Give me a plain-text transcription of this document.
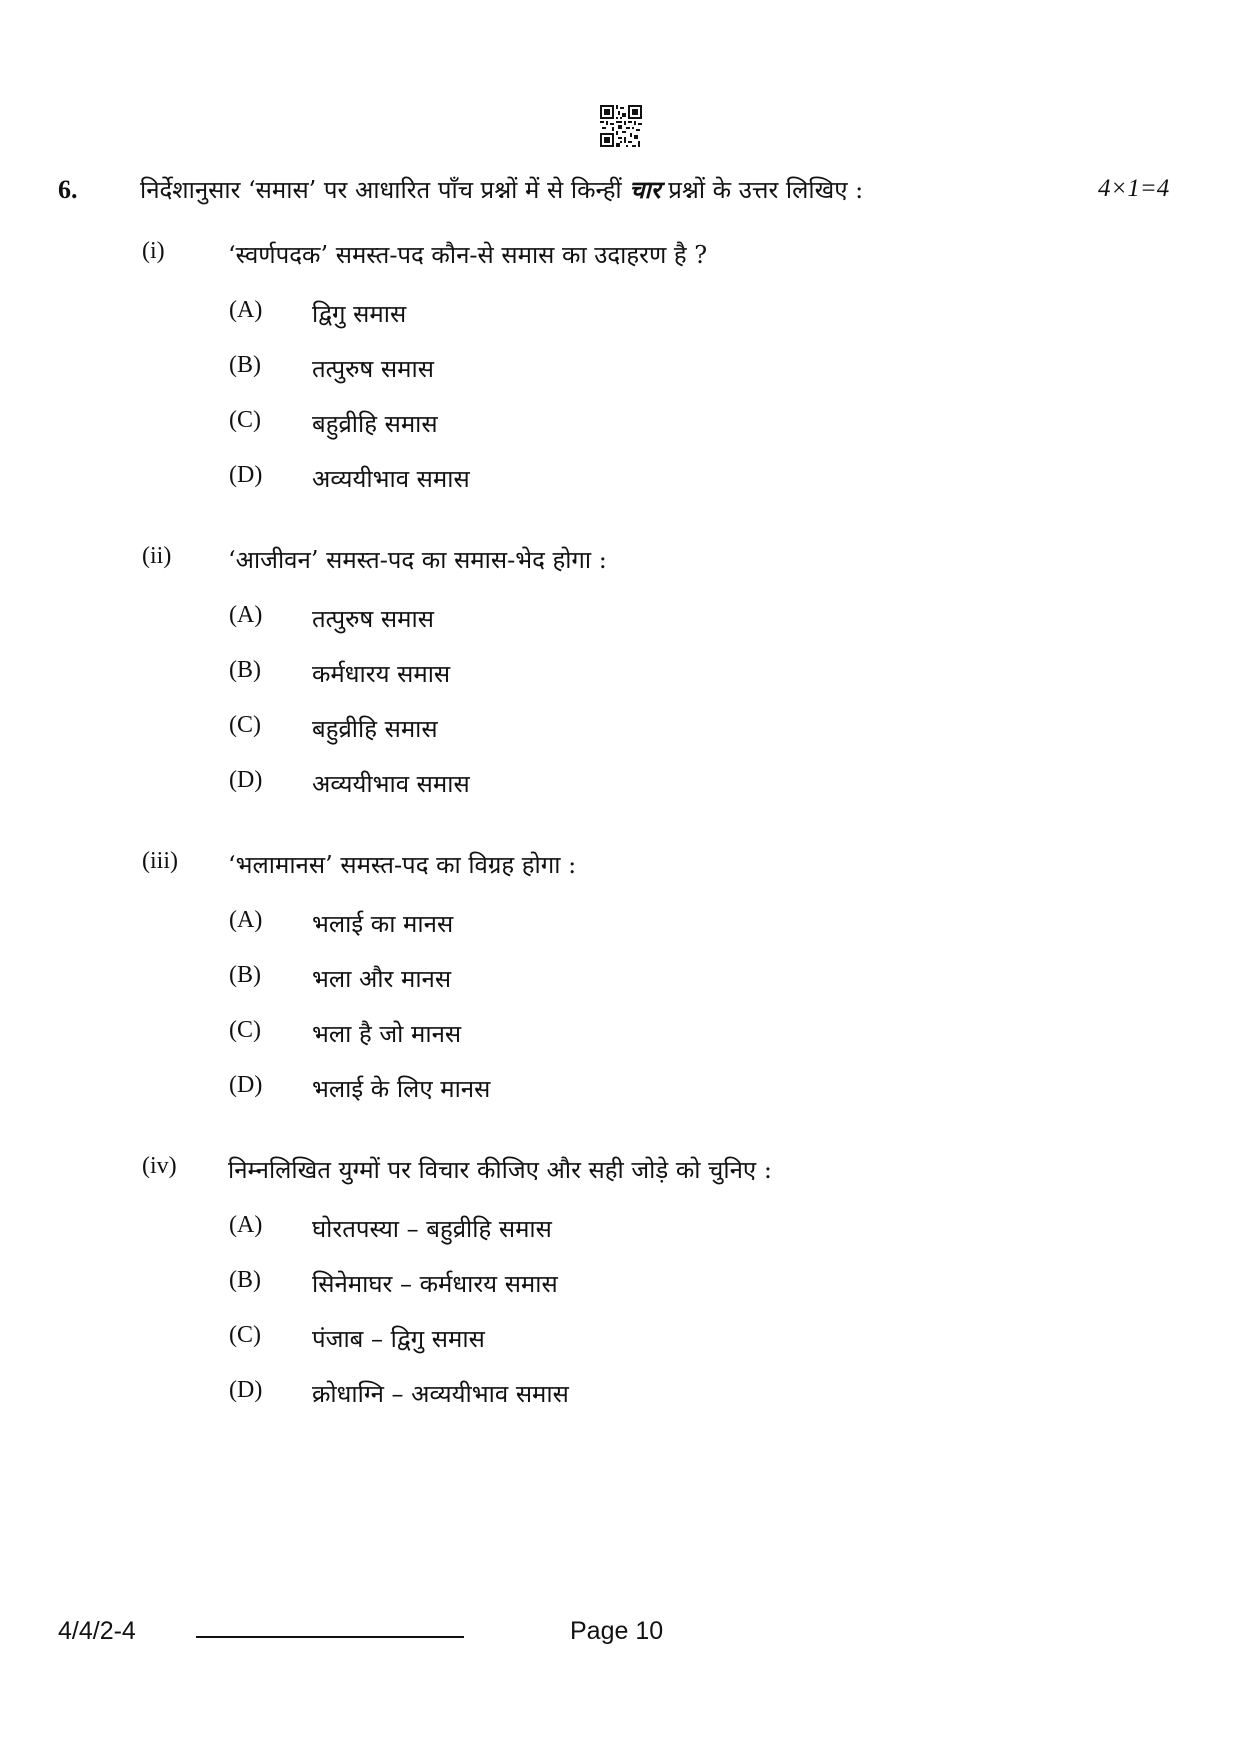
6.	निर्देशानुसार ‘समास’ पर आधारित पाँच प्रश्नों में से किन्हीं चार प्रश्नों के उत्तर लिखिए :	4×1=4
(i)	‘स्वर्णपदक’ समस्त-पद कौन-से समास का उदाहरण है ?
(A) द्विगु समास
(B) तत्पुरुष समास
(C) बहुव्रीहि समास
(D) अव्ययीभाव समास
(ii) ‘आजीवन’ समस्त-पद का समास-भेद होगा :
(A) तत्पुरुष समास
(B) कर्मधारय समास
(C) बहुव्रीहि समास
(D) अव्ययीभाव समास
(iii) ‘भलामानस’ समस्त-पद का विग्रह होगा :
(A) भलाई का मानस
(B) भला और मानस
(C) भला है जो मानस
(D) भलाई के लिए मानस
(iv) निम्नलिखित युग्मों पर विचार कीजिए और सही जोड़े को चुनिए :
(A) घोरतपस्या – बहुव्रीहि समास
(B) सिनेमाघर – कर्मधारय समास
(C) पंजाब – द्विगु समास
(D) क्रोधाग्नि – अव्ययीभाव समास
4/4/2-4	Page 10
